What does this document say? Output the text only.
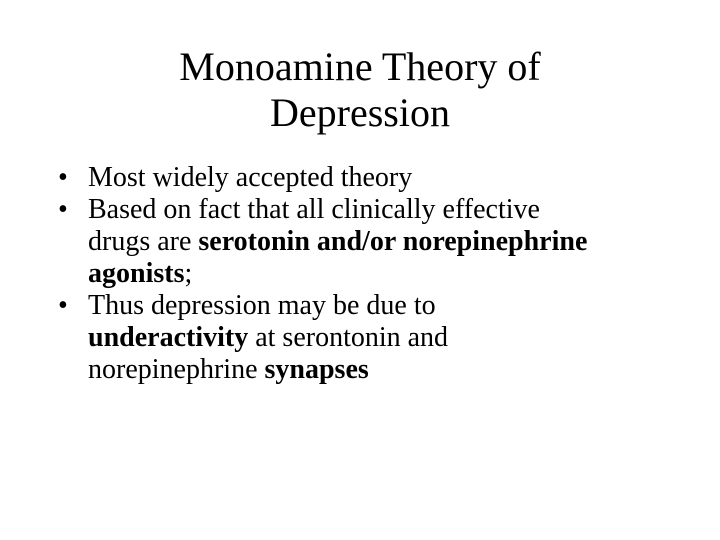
Monoamine Theory of
Depression
• Most widely accepted theory
• Based on fact that all clinically effective
drugs are serotonin and/or norepinephrine
agonists;
• Thus depression may be due to
underactivity at serontonin and
norepinephrine synapses
